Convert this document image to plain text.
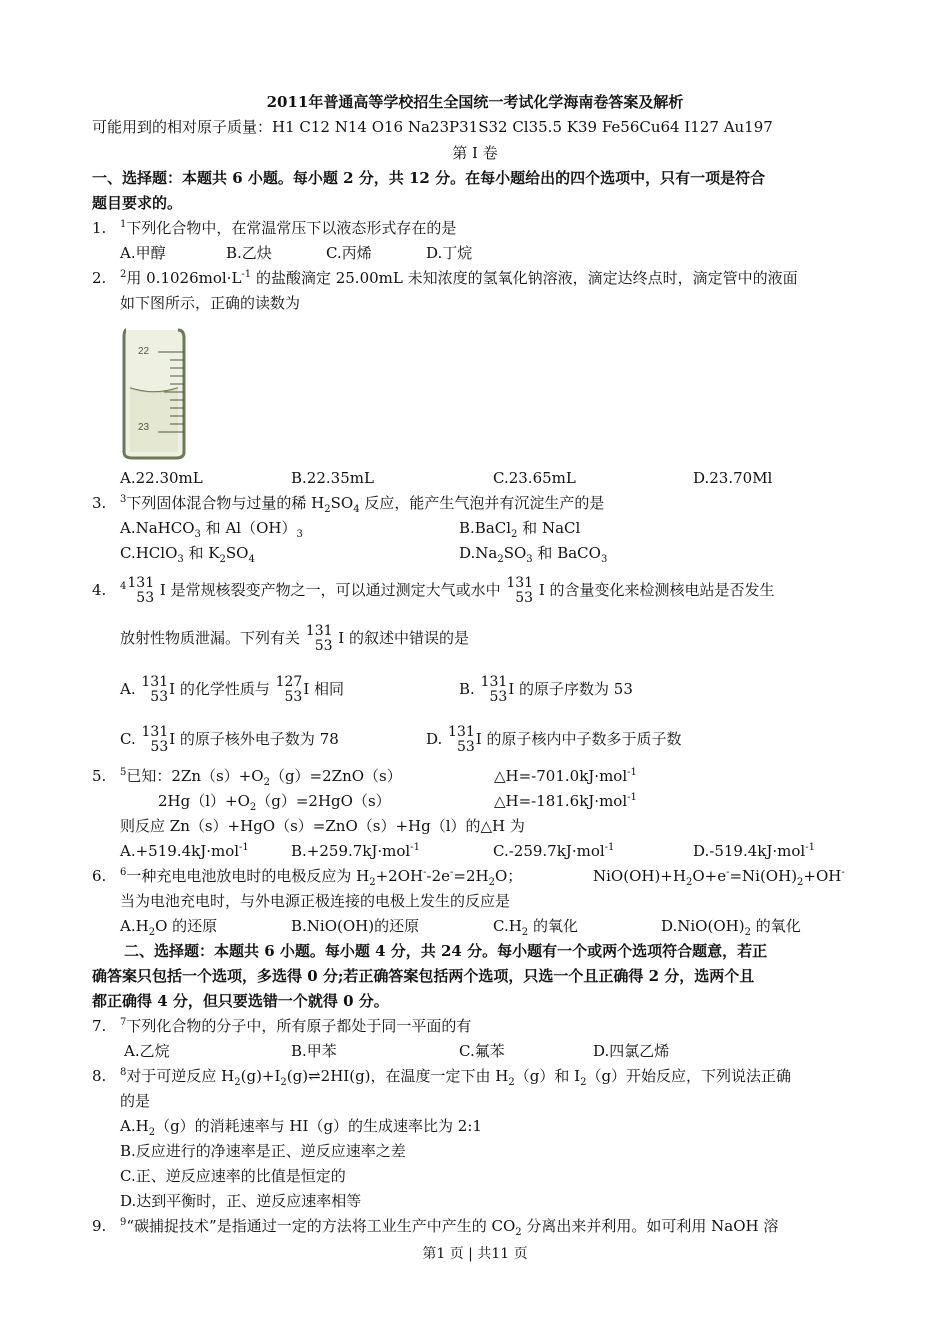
2011年普通高等学校招生全国统一考试化学海南卷答案及解析
可能用到的相对原子质量：H1 C12 N14 O16 Na23P31S32 Cl35.5 K39 Fe56Cu64 I127 Au197
第 I 卷
一、选择题：本题共 6 小题。每小题 2 分，共 12 分。在每小题给出的四个选项中，只有一项是符合
题目要求的。
1. $^1$下列化合物中，在常温常压下以液态形式存在的是
A.甲醇	B.乙炔	C.丙烯	D.丁烷
2. $^2$用 $0.1026mol\cdot L^{-1}$ 的盐酸滴定 25.00mL 未知浓度的氢氧化钠溶液，滴定达终点时，滴定管中的液面
如下图所示，正确的读数为
22
23
A.22.30mL	B.22.35mL	C.23.65mL	D.23.70Ml
3. $^3$下列固体混合物与过量的稀 $H_2SO_4$ 反应，能产生气泡并有沉淀生产的是
A.NaHCO$_3$ 和 $Al(OH)_3$	B.BaCl$_2$ 和 NaCl
C.HClO$_3$ 和 $K_2SO_4$	$D.Na_2SO_3$ 和 BaCO$_3$
4. $^4$ 131
53 I 是常规核裂变产物之一，可以通过测定大气或水中 131
53 I 的含量变化来检测核电站是否发生
放射性物质泄漏。下列有关 131
53 I 的叙述中错误的是
A. 131
53 I 的化学性质与 127
53 I 相同	B. 131
53 I 的原子序数为 53
C. 131
53 I 的原子核外电子数为 78	D. 131
53 I 的原子核内中子数多于质子数
5. $^5$已知：$2Zn(s)+O_2(g)=2ZnO(s)$	△H=-701.0kJ·mol$^{-1}$
$2Hg(l)+O_2(g)=2HgO(s)$	△H=-181.6kJ·mol$^{-1}$
则反应 Zn（s）+HgO（s）=ZnO（s）+Hg（l）的△H 为
A.+519.4kJ·mol$^{-1}$	B.+259.7kJ·mol$^{-1}$	C.-259.7kJ·mol$^{-1}$	D.-519.4kJ·mol$^{-1}$
6. $^6$一种充电电池放电时的电极反应为 $H_2+2OH^--2e^-=2H_2O$；	$NiO(OH)+H_2O+e^-=Ni(OH)_2+OH^-$
当为电池充电时，与外电源正极连接的电极上发生的反应是
$A.H_2O$ 的还原	B.NiO(OH)的还原	$C.H_2$ 的氧化	$D.NiO(OH)_2$ 的氧化
二、选择题：本题共 6 小题。每小题 4 分，共 24 分。每小题有一个或两个选项符合题意，若正
确答案只包括一个选项，多选得 0 分;若正确答案包括两个选项，只选一个且正确得 2 分，选两个且
都正确得 4 分，但只要选错一个就得 0 分。
7. $^7$下列化合物的分子中，所有原子都处于同一平面的有
A.乙烷	B.甲苯	C.氟苯	D.四氯乙烯
8. $^8$对于可逆反应 $H_2(g)+I_2(g)\rightleftharpoons 2HI(g)$，在温度一定下由 $H_2(g)$和 $I_2(g)$开始反应，下列说法正确
的是
$A.H_2(g)$的消耗速率与 HI（g）的生成速率比为 2:1
B.反应进行的净速率是正、逆反应速率之差
C.正、逆反应速率的比值是恒定的
D.达到平衡时，正、逆反应速率相等
9. $^9$“碳捕捉技术”是指通过一定的方法将工业生产中产生的 $CO_2$ 分离出来并利用。如可利用 NaOH 溶
第1 页 | 共11 页
